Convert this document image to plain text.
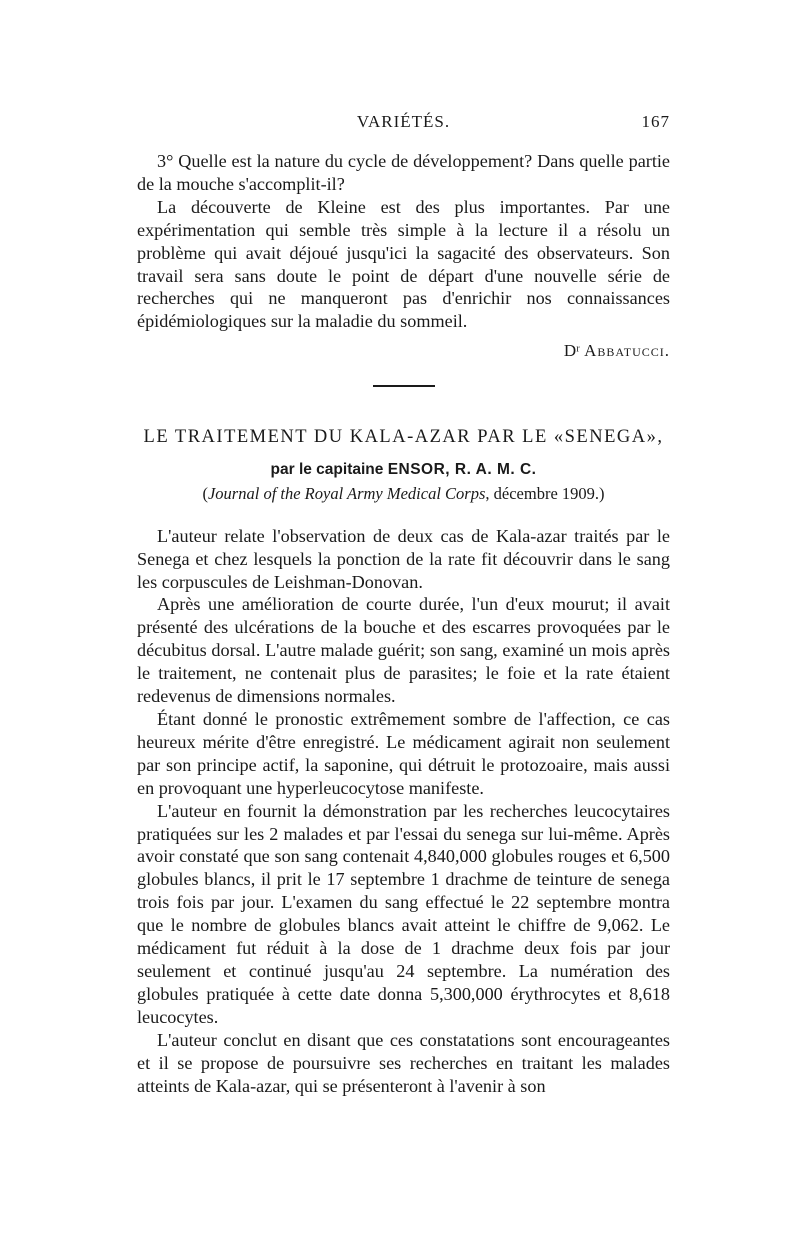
VARIÉTÉS.	167

3° Quelle est la nature du cycle de développement? Dans quelle partie de la mouche s'accomplit-il?

La découverte de Kleine est des plus importantes. Par une expérimentation qui semble très simple à la lecture il a résolu un problème qui avait déjoué jusqu'ici la sagacité des observateurs. Son travail sera sans doute le point de départ d'une nouvelle série de recherches qui ne manqueront pas d'enrichir nos connaissances épidémiologiques sur la maladie du sommeil.

Dʳ Abbatucci.
LE TRAITEMENT DU KALA-AZAR PAR LE «SENEGA»,
par le capitaine ENSOR, R. A. M. C.
(Journal of the Royal Army Medical Corps, décembre 1909.)

L'auteur relate l'observation de deux cas de Kala-azar traités par le Senega et chez lesquels la ponction de la rate fit découvrir dans le sang les corpuscules de Leishman-Donovan.

Après une amélioration de courte durée, l'un d'eux mourut; il avait présenté des ulcérations de la bouche et des escarres provoquées par le décubitus dorsal. L'autre malade guérit; son sang, examiné un mois après le traitement, ne contenait plus de parasites; le foie et la rate étaient redevenus de dimensions normales.

Étant donné le pronostic extrêmement sombre de l'affection, ce cas heureux mérite d'être enregistré. Le médicament agirait non seulement par son principe actif, la saponine, qui détruit le protozoaire, mais aussi en provoquant une hyperleucocytose manifeste.

L'auteur en fournit la démonstration par les recherches leucocytaires pratiquées sur les 2 malades et par l'essai du senega sur lui-même. Après avoir constaté que son sang contenait 4,840,000 globules rouges et 6,500 globules blancs, il prit le 17 septembre 1 drachme de teinture de senega trois fois par jour. L'examen du sang effectué le 22 septembre montra que le nombre de globules blancs avait atteint le chiffre de 9,062. Le médicament fut réduit à la dose de 1 drachme deux fois par jour seulement et continué jusqu'au 24 septembre. La numération des globules pratiquée à cette date donna 5,300,000 érythrocytes et 8,618 leucocytes.

L'auteur conclut en disant que ces constatations sont encourageantes et il se propose de poursuivre ses recherches en traitant les malades atteints de Kala-azar, qui se présenteront à l'avenir à son
